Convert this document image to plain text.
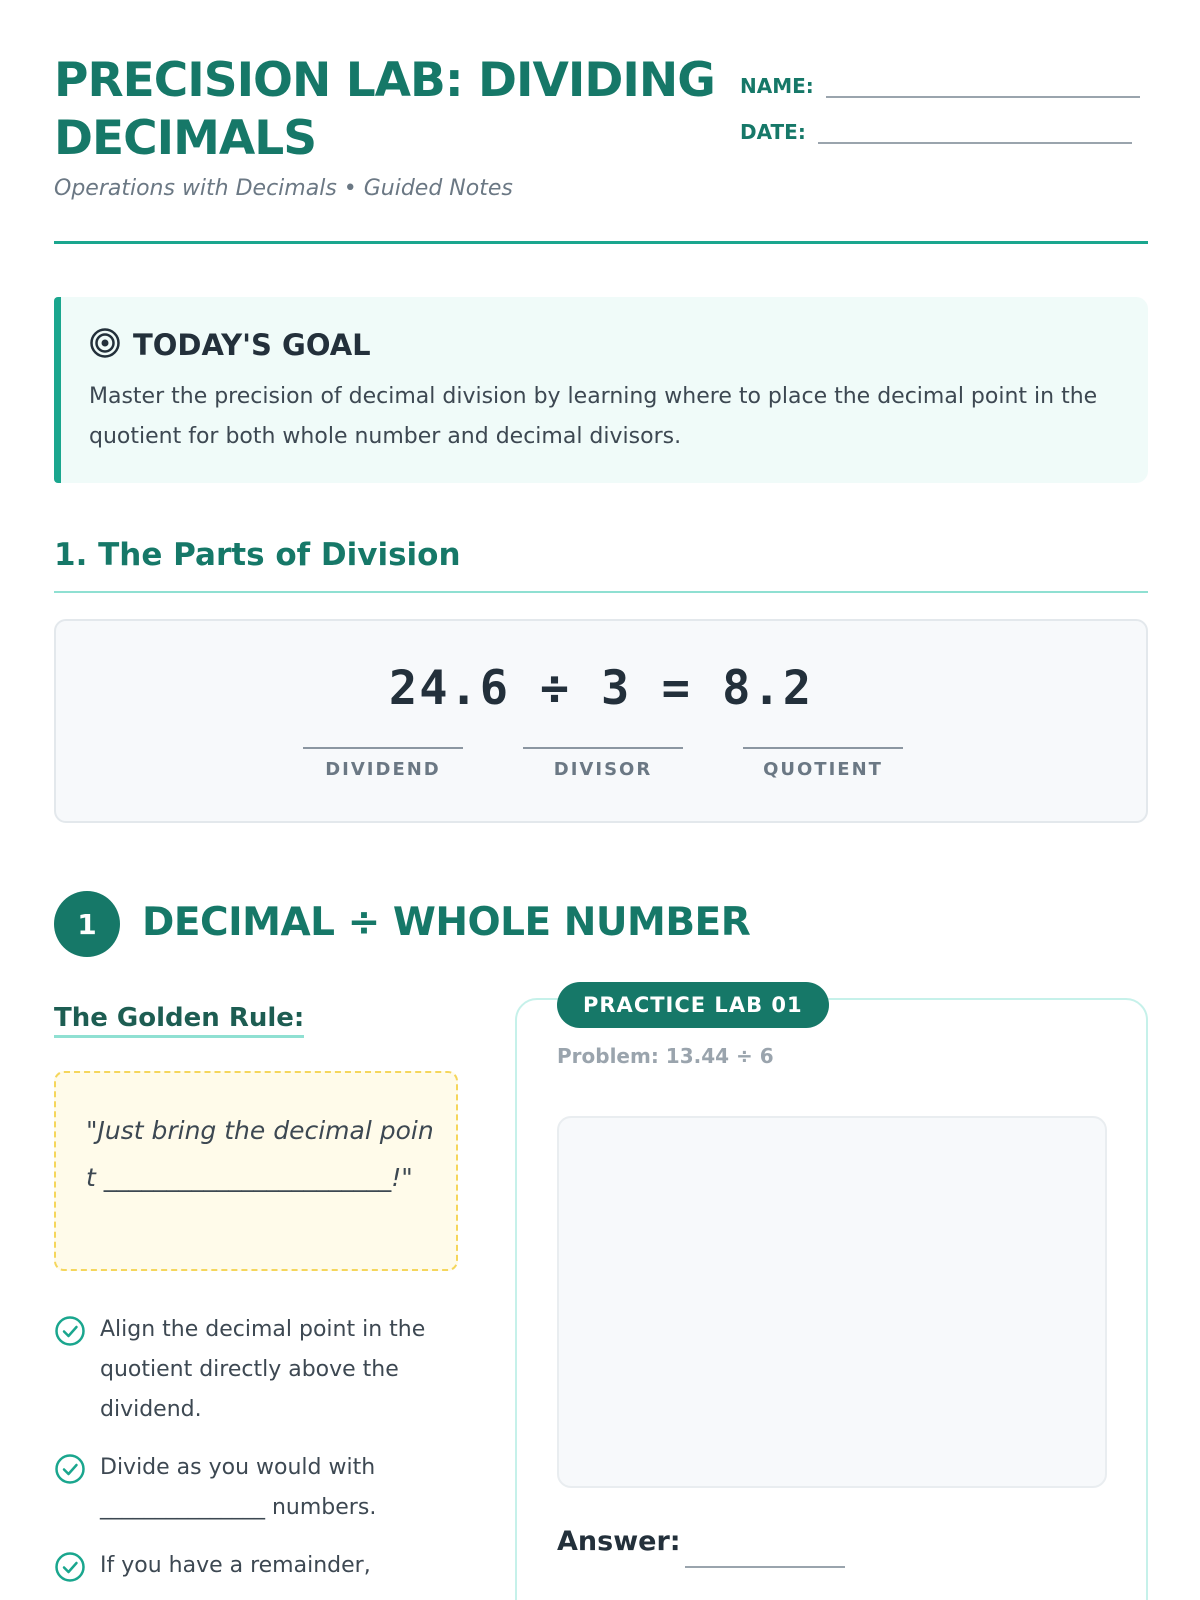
PRECISION LAB: DIVIDING DECIMALS
Operations with Decimals • Guided Notes
NAME:
DATE:
TODAY'S GOAL

Master the precision of decimal division by learning where to place the decimal point in the quotient for both whole number and decimal divisors.

1. The Parts of Division
24.6 ÷ 3 = 8.2
DIVIDEND	DIVISOR	QUOTIENT
1	DECIMAL ÷ WHOLE NUMBER
The Golden Rule:
"Just bring the decimal point _______________________!"
Align the decimal point in the quotient directly above the dividend.
Divide as you would with _______________ numbers.
If you have a remainder,
PRACTICE LAB 01
Problem: 13.44 ÷ 6
Answer:
